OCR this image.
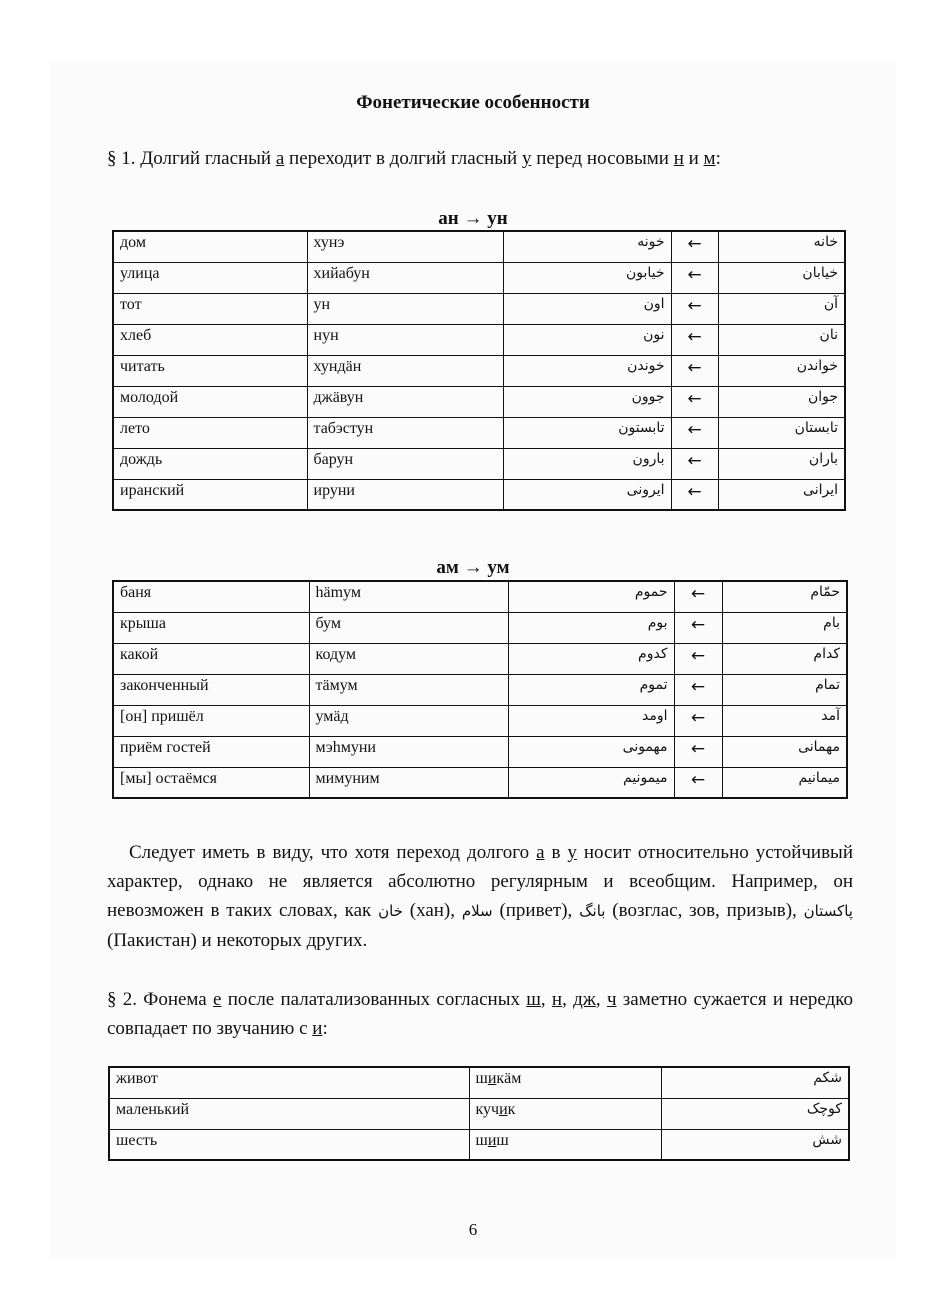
Фонетические особенности
§ 1. Долгий гласный а переходит в долгий гласный у перед носовыми н и м:
ан → ун
дом	хунэ	خونه	←	خانه
улица	хийабун	خیابون	←	خیابان
тот	ун	اون	←	آن
хлеб	нун	نون	←	نان
читать	хундäн	خوندن	←	خواندن
молодой	джäвун	جوون	←	جوان
лето	табэстун	تابستون	←	تابستان
дождь	барун	بارون	←	باران
иранский	ируни	ایرونی	←	ایرانی
ам → ум
баня	hämум	حموم	←	حمّام
крыша	бум	بوم	←	بام
какой	кодум	کدوم	←	کدام
законченный	тäмум	تموم	←	تمام
[он] пришёл	умäд	اومد	←	آمد
приём гостей	мэhмуни	مهمونی	←	مهمانی
[мы] остаёмся	мимуним	میمونیم	←	میمانیم
Следует иметь в виду, что хотя переход долгого а в у носит относительно устойчивый характер, однако не является абсолютно регулярным и всеобщим. Например, он невозможен в таких словах, как خان (хан), سلام (привет), بانگ (возглас, зов, призыв), پاکستان (Пакистан) и некоторых других.
§ 2. Фонема е после палатализованных согласных ш, н, дж, ч заметно сужается и нередко совпадает по звучанию с и:
живот	шикäм	شکم
маленький	кучик	کوچک
шесть	шиш	شش
6
